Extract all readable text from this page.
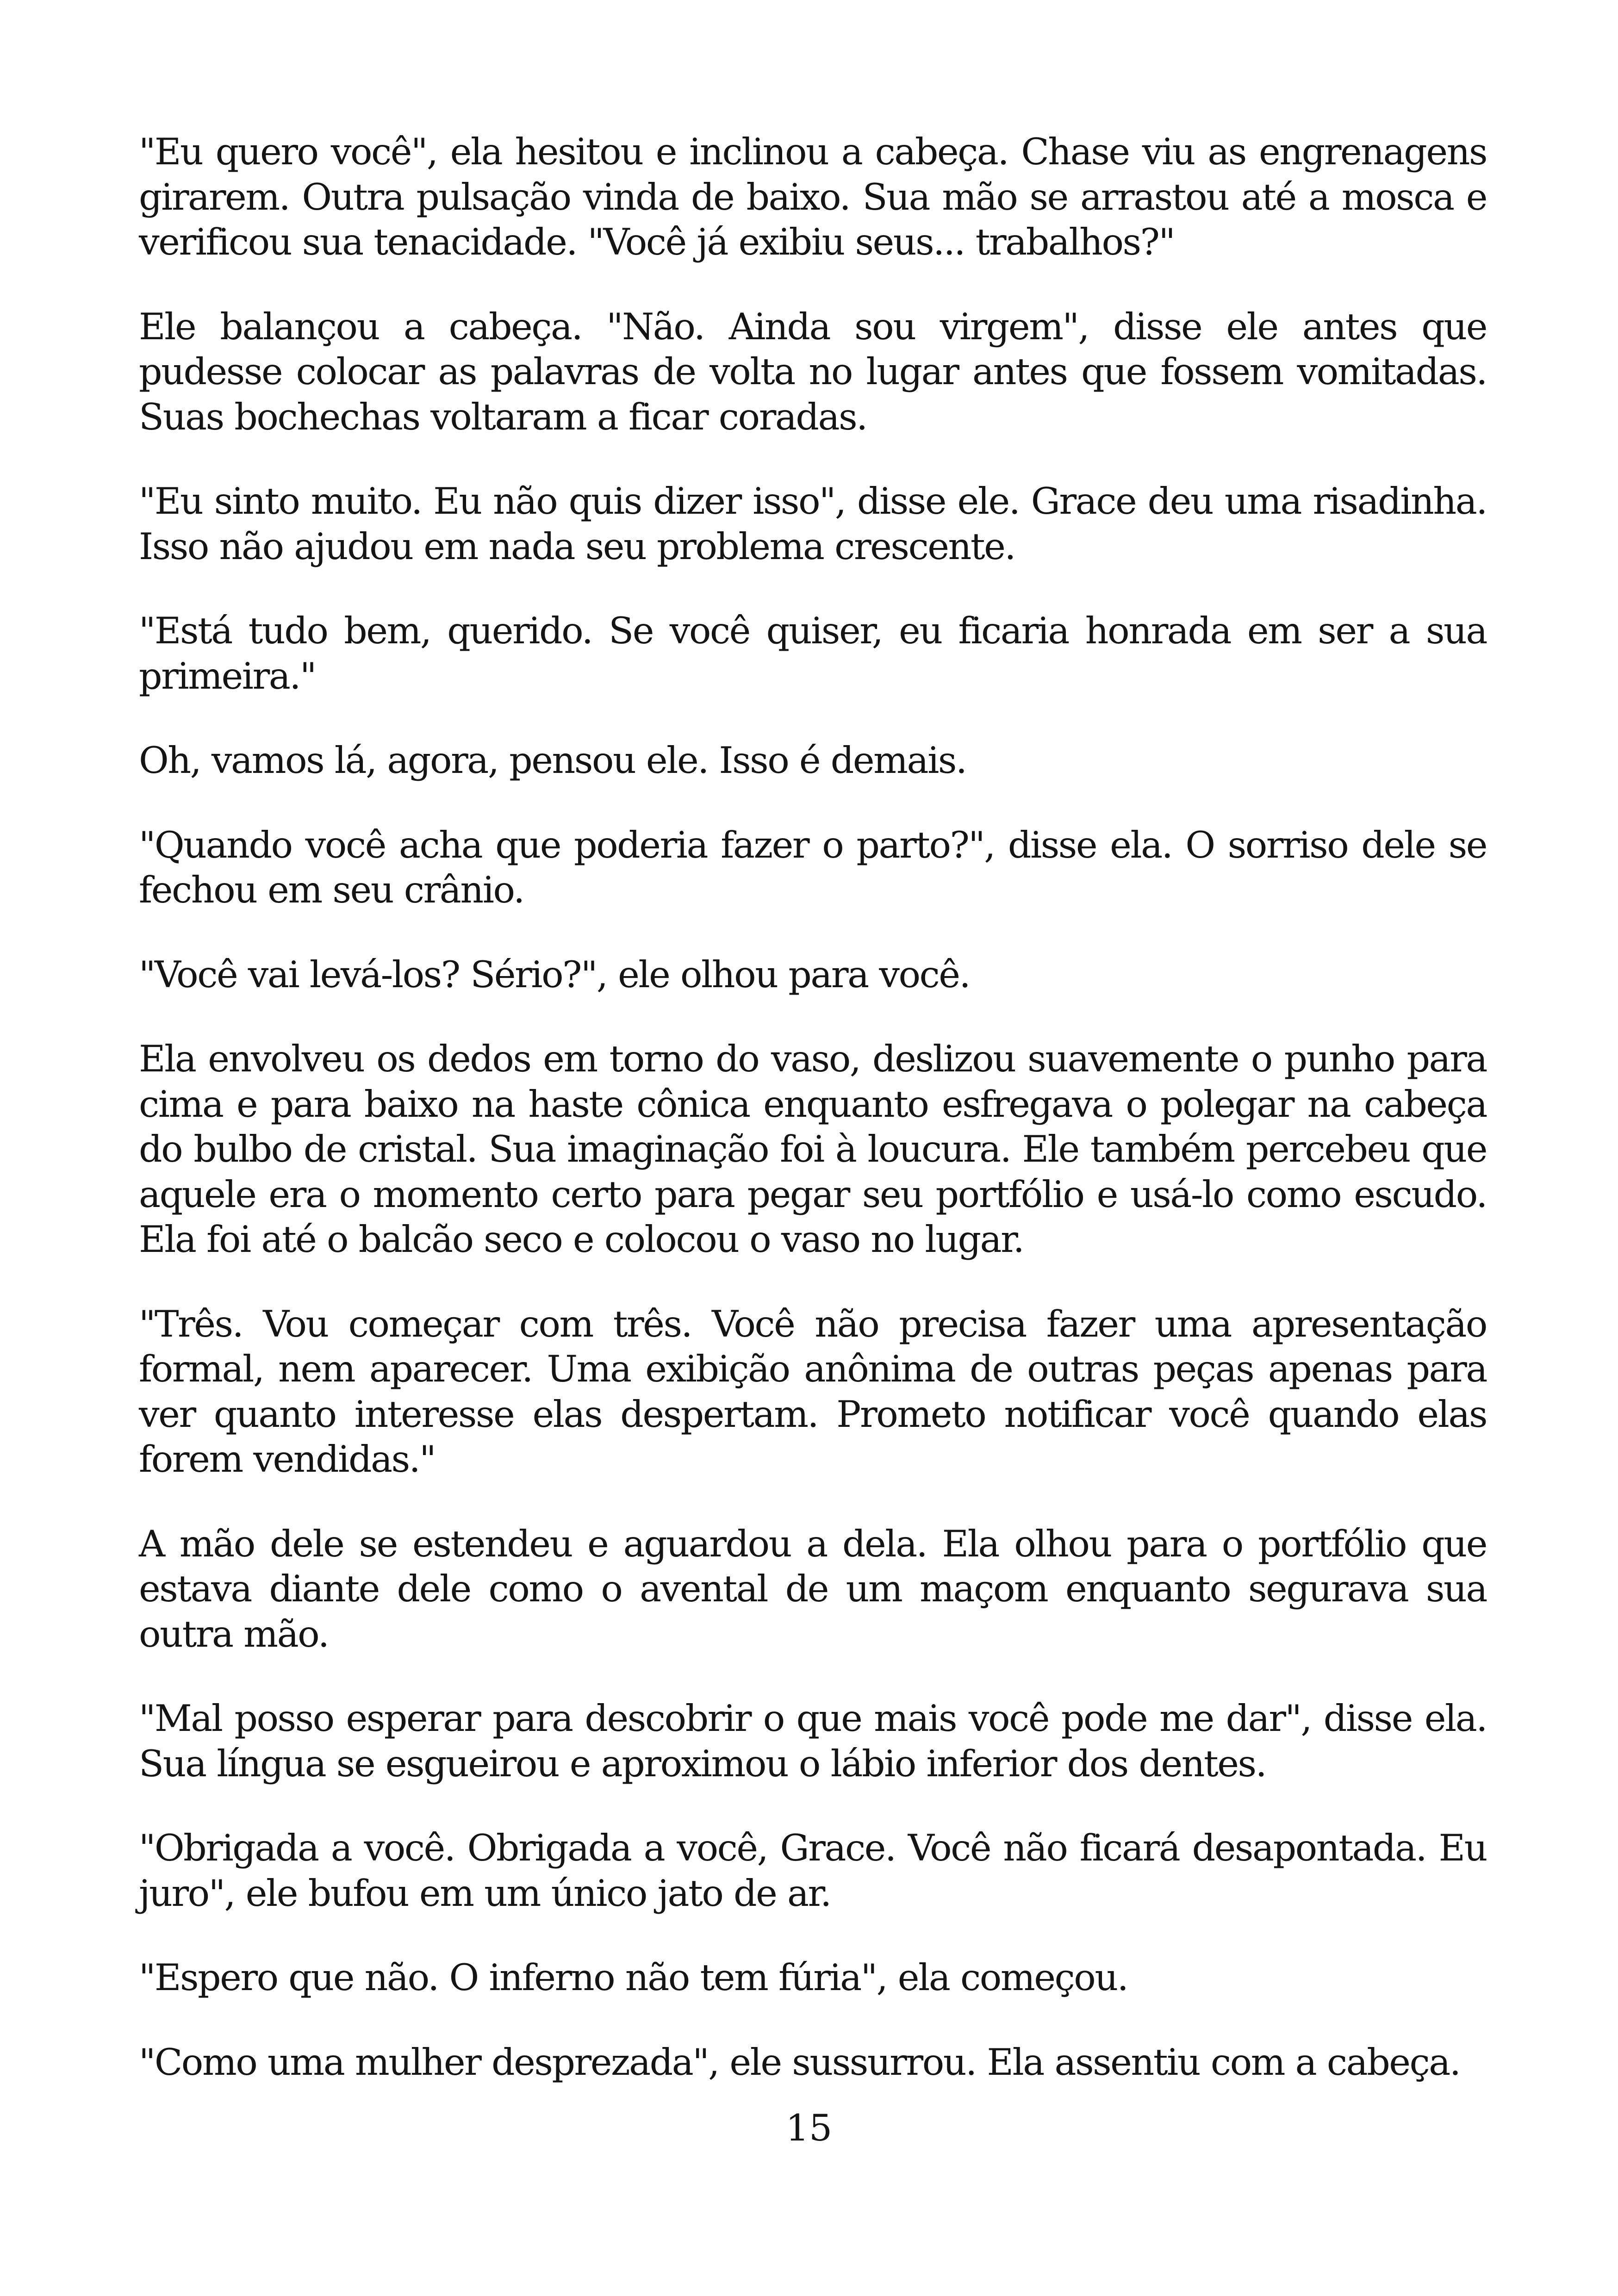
"Eu quero você", ela hesitou e inclinou a cabeça. Chase viu as engrenagens girarem. Outra pulsação vinda de baixo. Sua mão se arrastou até a mosca e verificou sua tenacidade. "Você já exibiu seus... trabalhos?"

Ele balançou a cabeça. "Não. Ainda sou virgem", disse ele antes que pudesse colocar as palavras de volta no lugar antes que fossem vomitadas. Suas bochechas voltaram a ficar coradas.

"Eu sinto muito. Eu não quis dizer isso", disse ele. Grace deu uma risadinha. Isso não ajudou em nada seu problema crescente.

"Está tudo bem, querido. Se você quiser, eu ficaria honrada em ser a sua primeira."

Oh, vamos lá, agora, pensou ele. Isso é demais.

"Quando você acha que poderia fazer o parto?", disse ela. O sorriso dele se fechou em seu crânio.

"Você vai levá-los? Sério?", ele olhou para você.

Ela envolveu os dedos em torno do vaso, deslizou suavemente o punho para cima e para baixo na haste cônica enquanto esfregava o polegar na cabeça do bulbo de cristal. Sua imaginação foi à loucura. Ele também percebeu que aquele era o momento certo para pegar seu portfólio e usá-lo como escudo. Ela foi até o balcão seco e colocou o vaso no lugar.

"Três. Vou começar com três. Você não precisa fazer uma apresentação formal, nem aparecer. Uma exibição anônima de outras peças apenas para ver quanto interesse elas despertam. Prometo notificar você quando elas forem vendidas."

A mão dele se estendeu e aguardou a dela. Ela olhou para o portfólio que estava diante dele como o avental de um maçom enquanto segurava sua outra mão.

"Mal posso esperar para descobrir o que mais você pode me dar", disse ela. Sua língua se esgueirou e aproximou o lábio inferior dos dentes.

"Obrigada a você. Obrigada a você, Grace. Você não ficará desapontada. Eu juro", ele bufou em um único jato de ar.

"Espero que não. O inferno não tem fúria", ela começou.

"Como uma mulher desprezada", ele sussurrou. Ela assentiu com a cabeça.

15
